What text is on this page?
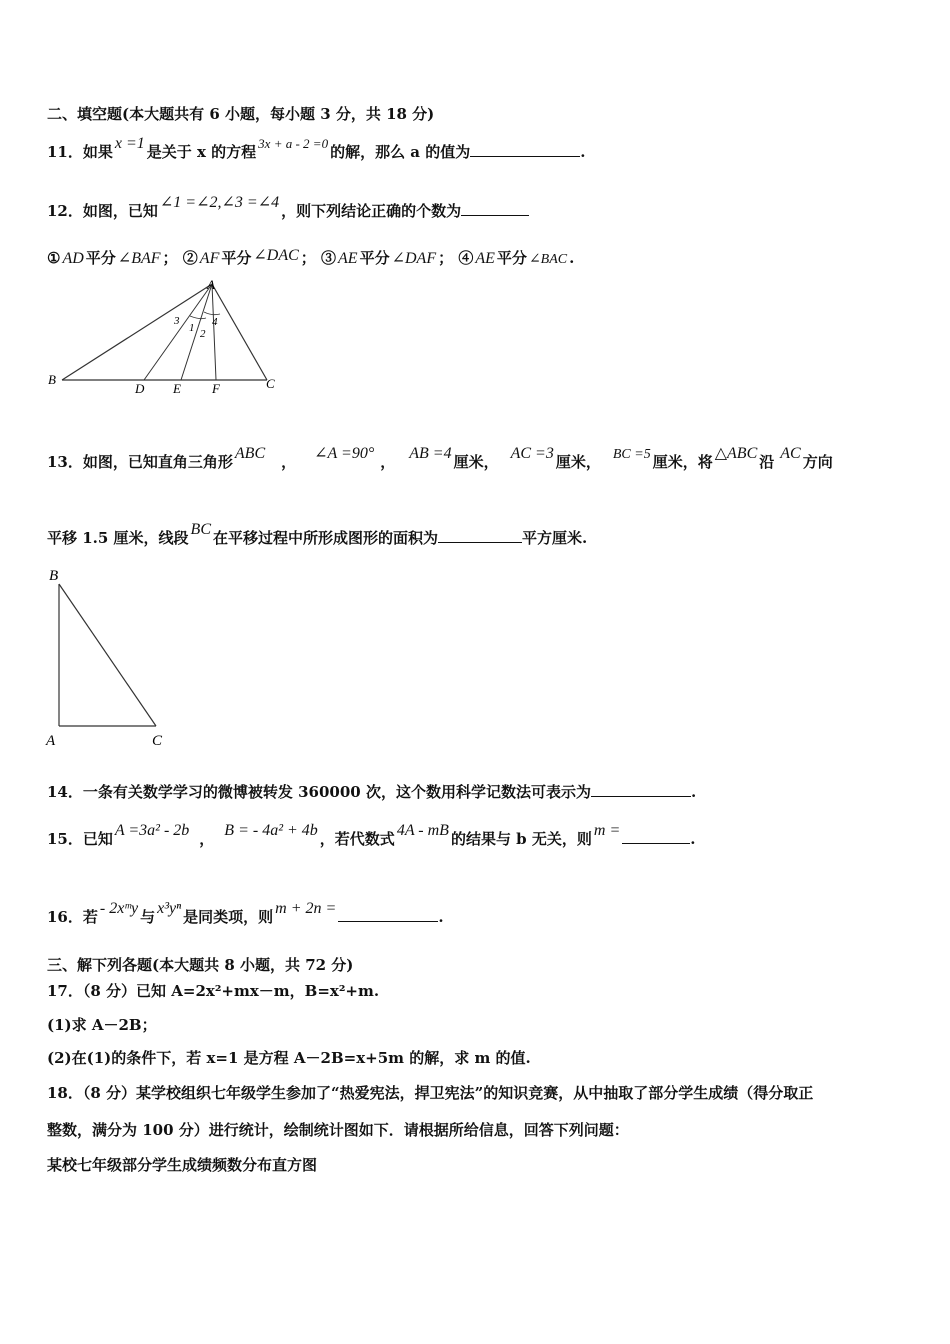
二、填空题(本大题共有 6 小题，每小题 3 分，共 18 分)
11．如果 x =1 是关于 x 的方程 3x + a - 2 =0 的解，那么 a 的值为	.
12．如图，已知 ∠1 =∠2,∠3 =∠4 ，则下列结论正确的个数为
① AD 平分 ∠BAF ； ② AF 平分 ∠DAC ； ③ AE 平分 ∠DAF ； ④ AE 平分 ∠BAC .
A
B	C
D E F
1 2
3	4
13．如图，已知直角三角形 ABC ， ∠A =90° ， AB =4 厘米， AC =3 厘米， BC =5 厘米，将 △ABC 沿 AC 方向
平移 1.5 厘米，线段 BC 在平移过程中所形成图形的面积为	平方厘米.
B
A	C
14．一条有关数学学习的微博被转发 360000 次，这个数用科学记数法可表示为	.
15．已知 A =3a² - 2b ， B = - 4a² + 4b ，若代数式 4A - mB 的结果与 b 无关，则 m =	.
16．若 - 2xᵐy 与 x³yⁿ 是同类项，则 m + 2n =	.
三、解下列各题(本大题共 8 小题，共 72 分)
17．（8 分）已知 A=2x²+mx－m，B=x²+m.
(1)求 A－2B；
(2)在(1)的条件下，若 x=1 是方程 A－2B=x+5m 的解，求 m 的值.
18．（8 分）某学校组织七年级学生参加了“热爱宪法，捍卫宪法”的知识竞赛，从中抽取了部分学生成绩（得分取正
整数，满分为 100 分）进行统计，绘制统计图如下．请根据所给信息，回答下列问题：
某校七年级部分学生成绩频数分布直方图
